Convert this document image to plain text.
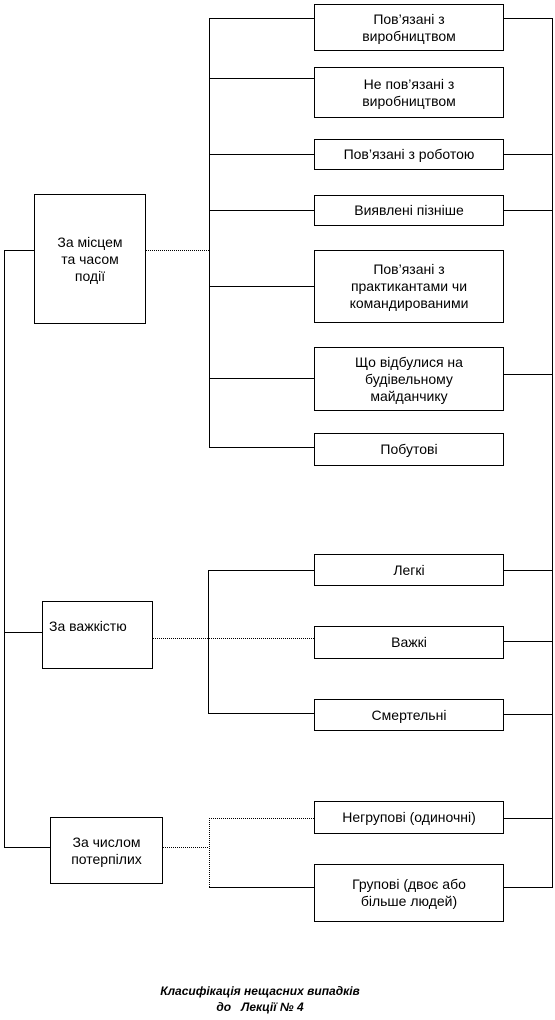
За місцем
та часом
події
Пов’язані з
виробництвом
Не пов’язані з
виробництвом
Пов’язані з роботою
Виявлені пізніше
Пов’язані з
практикантами чи
командированими
Що відбулися на
будівельному
майданчику
Побутові
За важкістю
Легкі
Важкі
Смертельні
За числом
потерпілих
Негрупові (одиночні)
Групові (двоє або
більше людей)
Класифікація нещасних випадків
до   Лекції № 4
